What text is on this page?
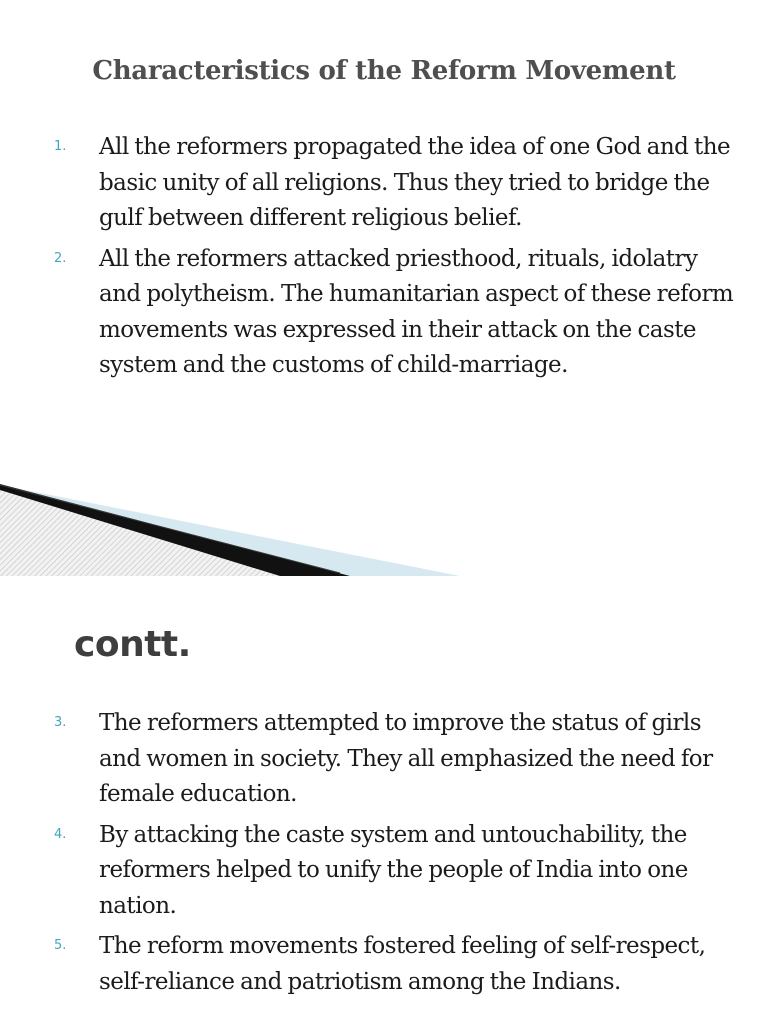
Characteristics of the Reform Movement
1. All the reformers propagated the idea of one God and the basic unity of all religions. Thus they tried to bridge the gulf between different religious belief.
2. All the reformers attacked priesthood, rituals, idolatry and polytheism. The humanitarian aspect of these reform movements was expressed in their attack on the caste system and the customs of child-marriage.
contt.
3. The reformers attempted to improve the status of girls and women in society. They all emphasized the need for female education.
4. By attacking the caste system and untouchability, the reformers helped to unify the people of India into one nation.
5. The reform movements fostered feeling of self-respect, self-reliance and patriotism among the Indians.
